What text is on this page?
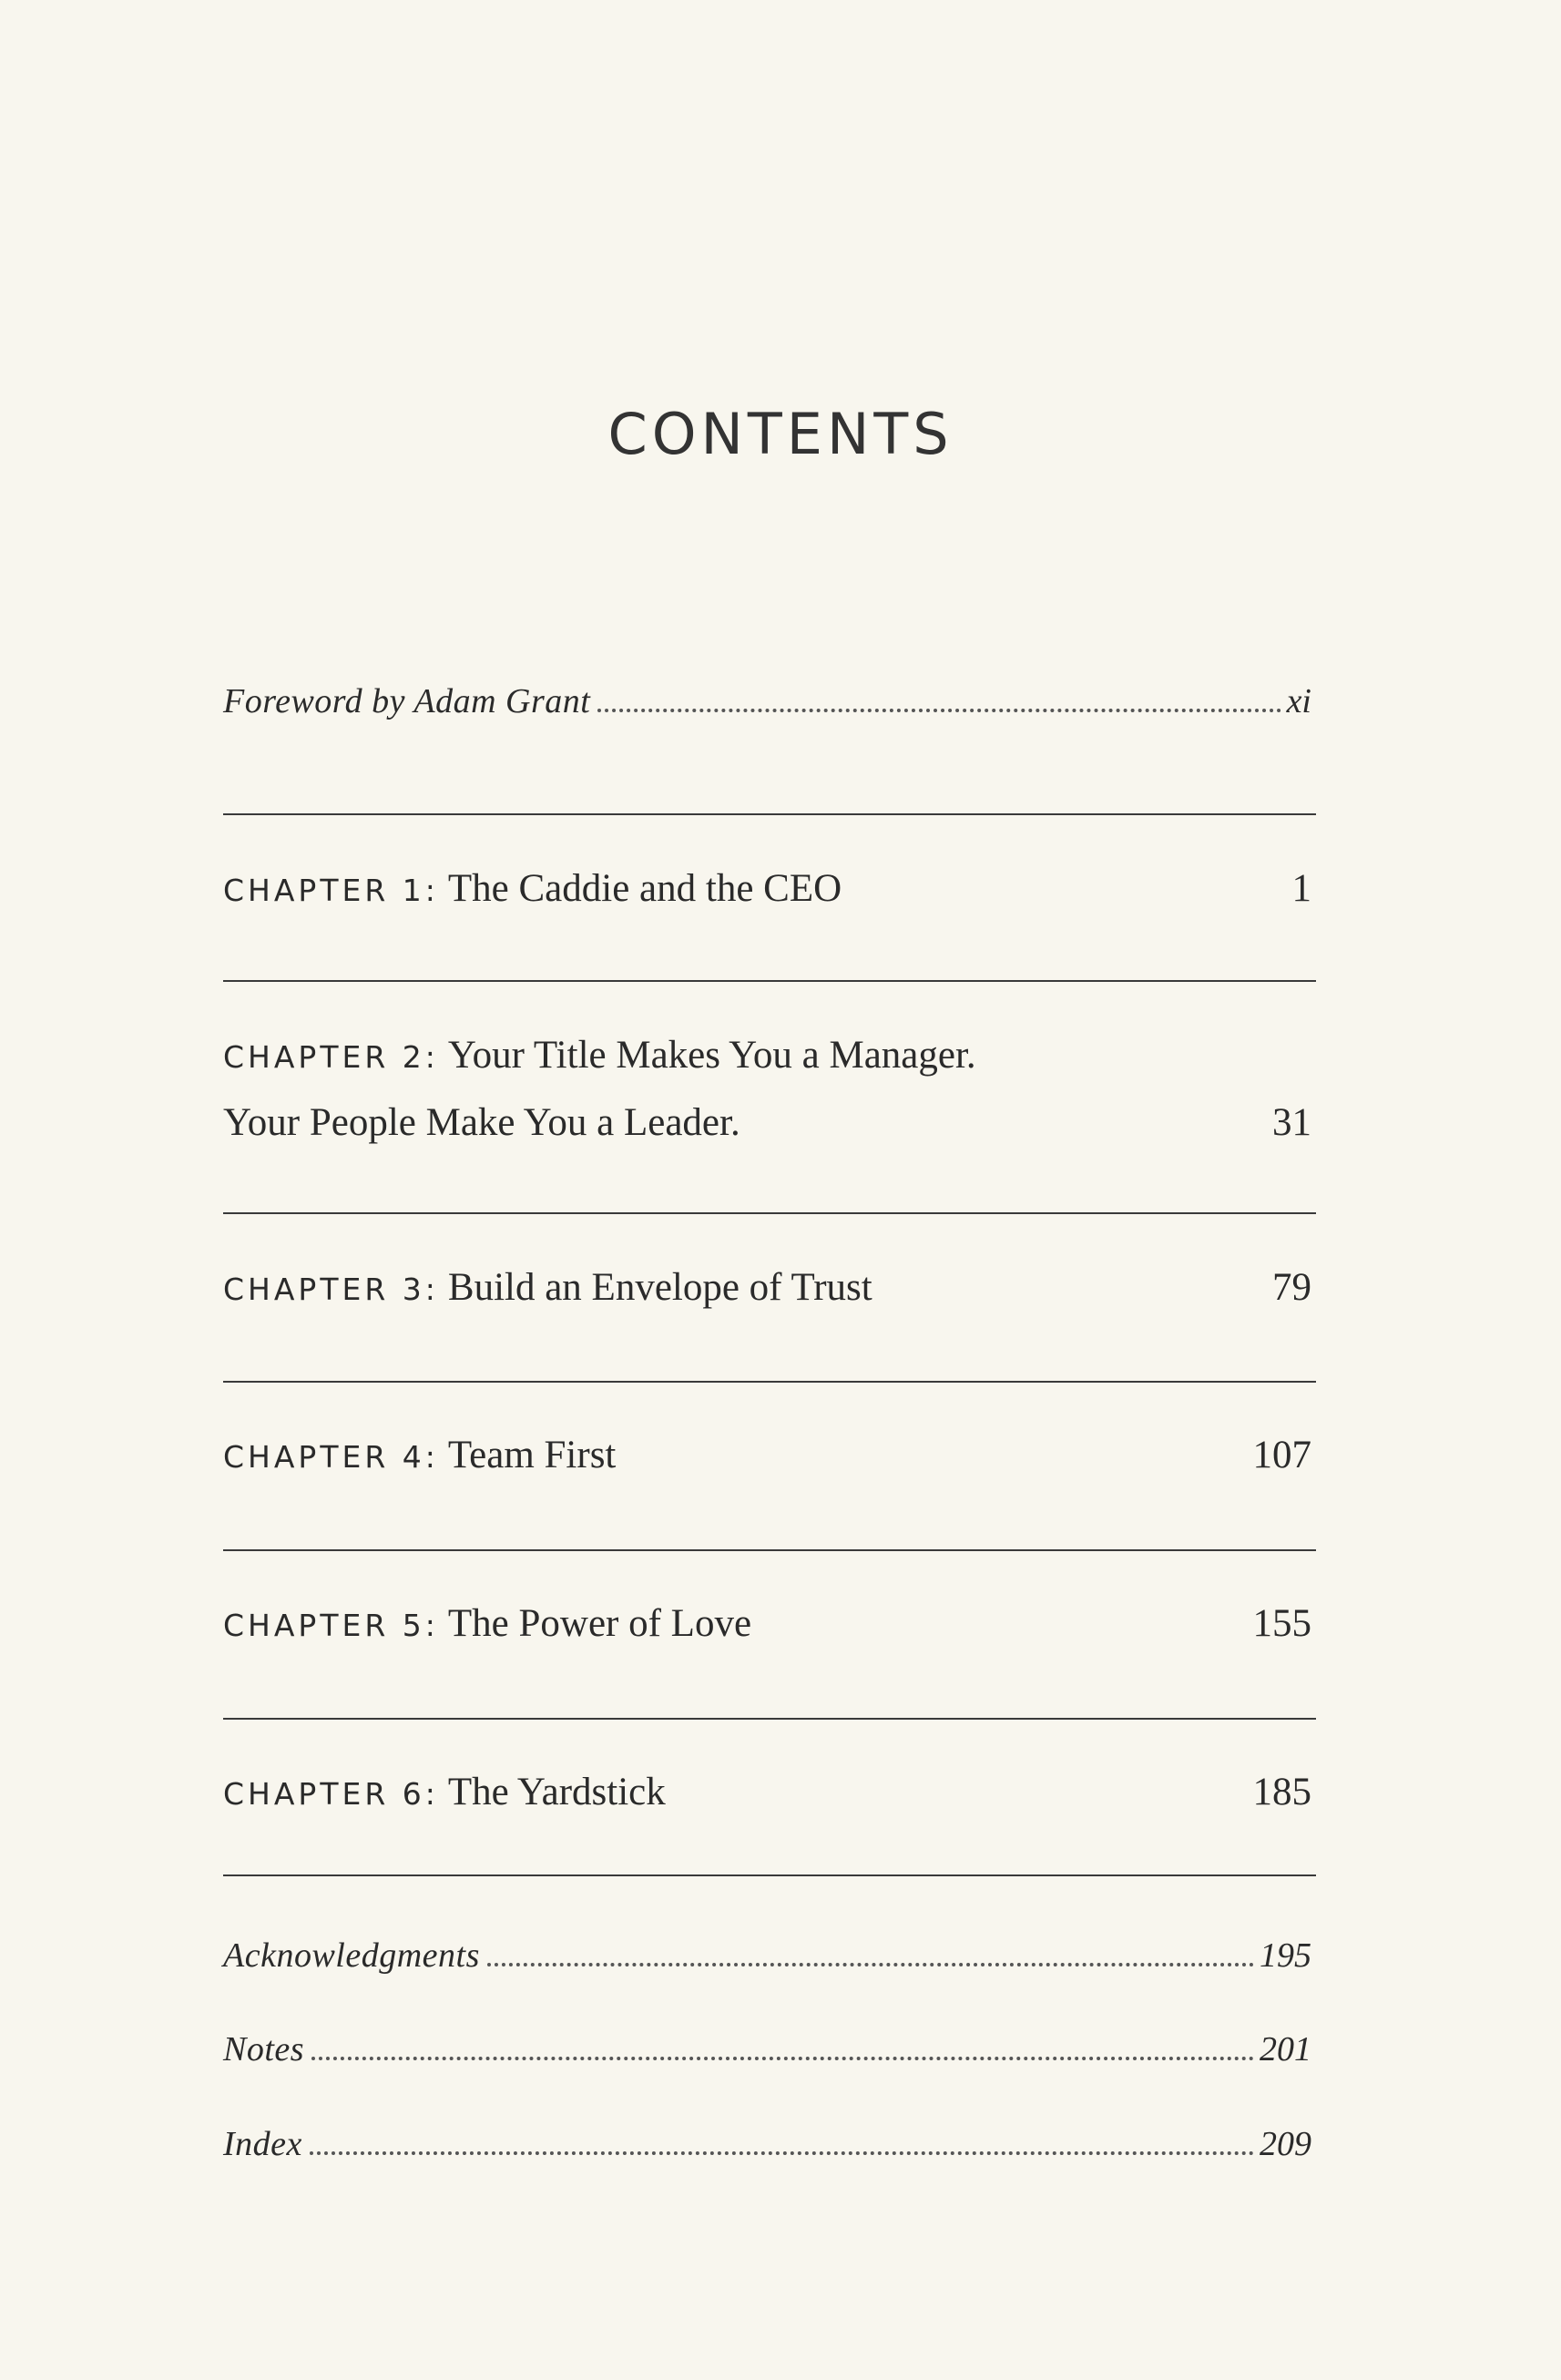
CONTENTS
Foreword by Adam Grant	xi
CHAPTER 1: The Caddie and the CEO	1
CHAPTER 2: Your Title Makes You a Manager.
Your People Make You a Leader.	31
CHAPTER 3: Build an Envelope of Trust	79
CHAPTER 4: Team First	107
CHAPTER 5: The Power of Love	155
CHAPTER 6: The Yardstick	185
Acknowledgments	195
Notes	201
Index	209
